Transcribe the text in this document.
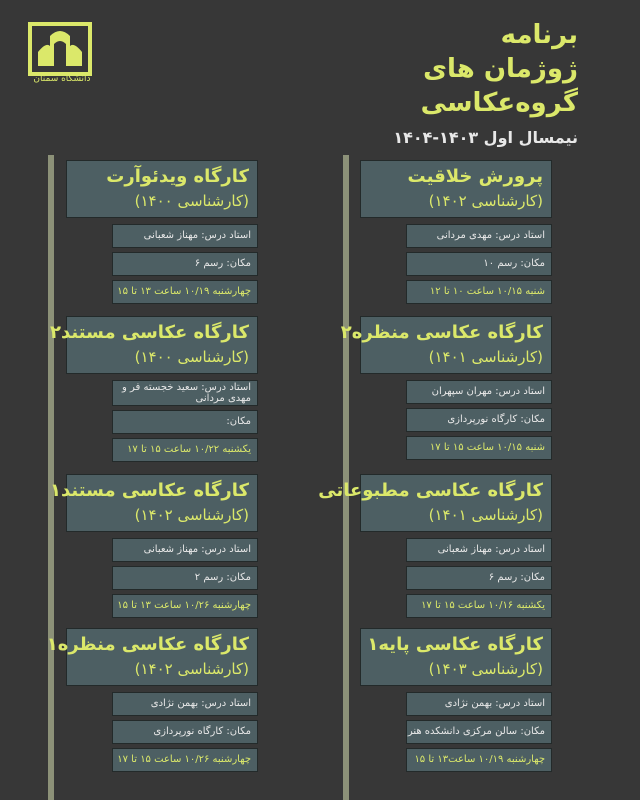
دانشگاه سمنان
برنامه
ژوژمان های
گروه‌عکاسی
نیمسال اول ۱۴۰۳-۱۴۰۴
پرورش خلاقیت
(کارشناسی ۱۴۰۲)
استاد درس: مهدی مردانی
مکان: رسم ۱۰
شنبه ۱۰/۱۵ ساعت ۱۰ تا ۱۲
کارگاه عکاسی منظره۲
(کارشناسی ۱۴۰۱)
استاد درس: مهران سپهران
مکان: کارگاه نورپردازی
شنبه ۱۰/۱۵ ساعت ۱۵ تا ۱۷
کارگاه عکاسی مطبوعاتی
(کارشناسی ۱۴۰۱)
استاد درس: مهناز شعبانی
مکان: رسم ۶
یکشنبه ۱۰/۱۶ ساعت ۱۵ تا ۱۷
کارگاه عکاسی پایه۱
(کارشناسی ۱۴۰۳)
استاد درس: بهمن نژادی
مکان: سالن مرکزی دانشکده هنر
چهارشنبه ۱۰/۱۹ ساعت۱۳ تا ۱۵
کارگاه ویدئوآرت
(کارشناسی ۱۴۰۰)
استاد درس: مهناز شعبانی
مکان: رسم ۶
چهارشنبه ۱۰/۱۹ ساعت ۱۳ تا ۱۵
کارگاه عکاسی مستند۲
(کارشناسی ۱۴۰۰)
استاد درس: سعید خجسته فر و مهدی مردانی
مکان:
یکشنبه ۱۰/۲۲ ساعت ۱۵ تا ۱۷
کارگاه عکاسی مستند۱
(کارشناسی ۱۴۰۲)
استاد درس: مهناز شعبانی
مکان: رسم ۲
چهارشنبه ۱۰/۲۶ ساعت ۱۳ تا ۱۵
کارگاه عکاسی منظره۱
(کارشناسی ۱۴۰۲)
استاد درس: بهمن نژادی
مکان: کارگاه نورپردازی
چهارشنبه ۱۰/۲۶ ساعت ۱۵ تا ۱۷
